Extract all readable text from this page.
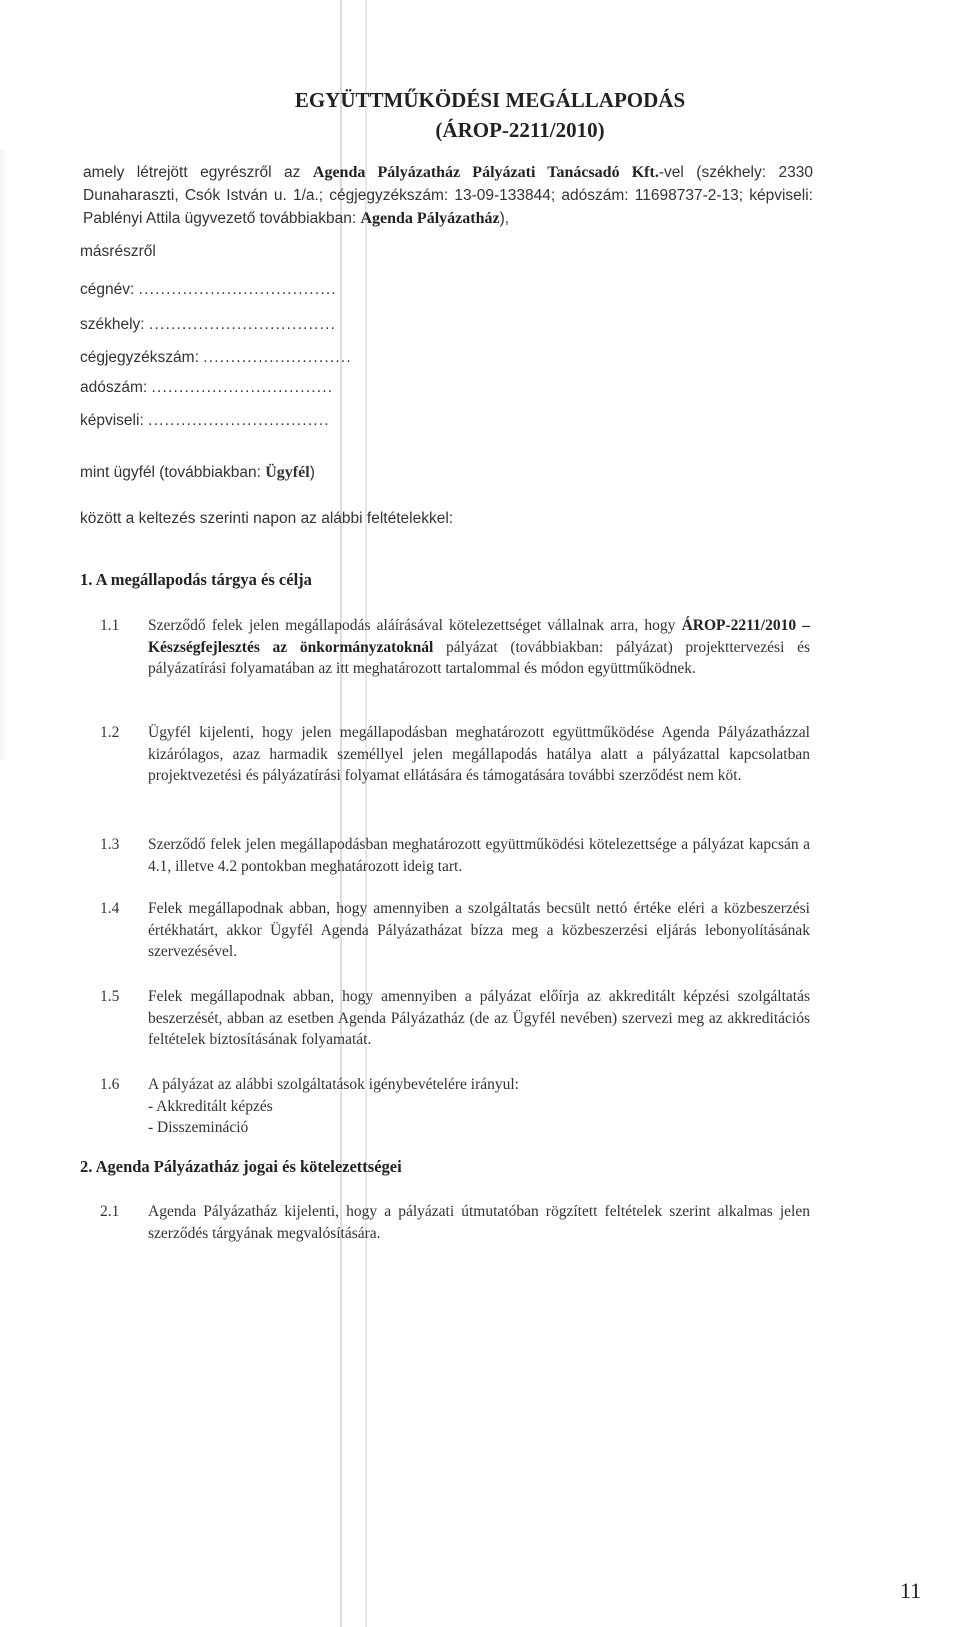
EGYÜTTMŰKÖDÉSI MEGÁLLAPODÁS
(ÁROP-2211/2010)
amely létrejött egyrészről az Agenda Pályázatház Pályázati Tanácsadó Kft.-vel (székhely: 2330 Dunaharaszti, Csók István u. 1/a.; cégjegyzékszám: 13-09-133844; adószám: 11698737-2-13; képviseli: Pablényi Attila ügyvezető továbbiakban: Agenda Pályázatház),
másrészről
cégnév: ....................................
székhely: ..................................
cégjegyzékszám: ...........................
adószám: .................................
képviseli: .................................
mint ügyfél (továbbiakban: Ügyfél)
között a keltezés szerinti napon az alábbi feltételekkel:
1. A megállapodás tárgya és célja
1.1	Szerződő felek jelen megállapodás aláírásával kötelezettséget vállalnak arra, hogy ÁROP-2211/2010 – Készségfejlesztés az önkormányzatoknál pályázat (továbbiakban: pályázat) projekttervezési és pályázatírási folyamatában az itt meghatározott tartalommal és módon együttműködnek.
1.2	Ügyfél kijelenti, hogy jelen megállapodásban meghatározott együttműködése Agenda Pályázatházzal kizárólagos, azaz harmadik személlyel jelen megállapodás hatálya alatt a pályázattal kapcsolatban projektvezetési és pályázatírási folyamat ellátására és támogatására további szerződést nem köt.
1.3	Szerződő felek jelen megállapodásban meghatározott együttműködési kötelezettsége a pályázat kapcsán a 4.1, illetve 4.2 pontokban meghatározott ideig tart.
1.4	Felek megállapodnak abban, hogy amennyiben a szolgáltatás becsült nettó értéke eléri a közbeszerzési értékhatárt, akkor Ügyfél Agenda Pályázatházat bízza meg a közbeszerzési eljárás lebonyolításának szervezésével.
1.5	Felek megállapodnak abban, hogy amennyiben a pályázat előírja az akkreditált képzési szolgáltatás beszerzését, abban az esetben Agenda Pályázatház (de az Ügyfél nevében) szervezi meg az akkreditációs feltételek biztosításának folyamatát.
1.6	A pályázat az alábbi szolgáltatások igénybevételére irányul:
- Akkreditált képzés
- Disszemináció
2. Agenda Pályázatház jogai és kötelezettségei
2.1	Agenda Pályázatház kijelenti, hogy a pályázati útmutatóban rögzített feltételek szerint alkalmas jelen szerződés tárgyának megvalósítására.
11
